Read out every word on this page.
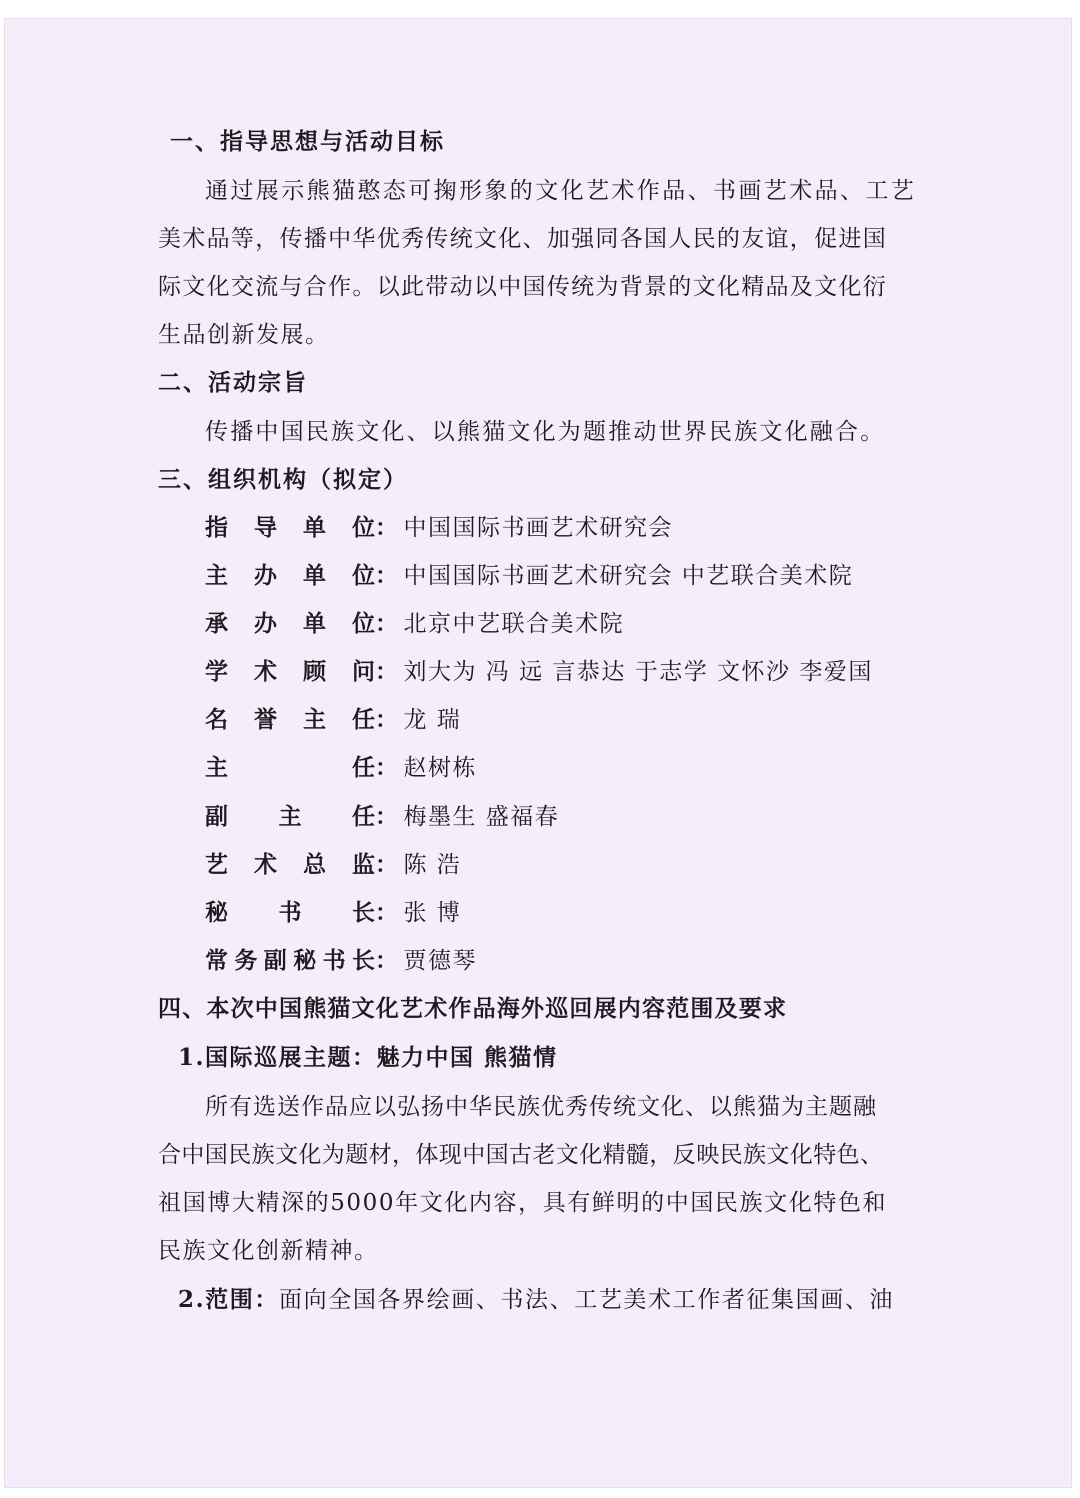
一、指导思想与活动目标
通过展示熊猫憨态可掬形象的文化艺术作品、书画艺术品、工艺
美术品等，传播中华优秀传统文化、加强同各国人民的友谊，促进国
际文化交流与合作。以此带动以中国传统为背景的文化精品及文化衍
生品创新发展。
二、活动宗旨
传播中国民族文化、以熊猫文化为题推动世界民族文化融合。
三、组织机构（拟定）
指导单位： 中国国际书画艺术研究会
主办单位： 中国国际书画艺术研究会 中艺联合美术院
承办单位： 北京中艺联合美术院
学术顾问： 刘大为 冯 远 言恭达 于志学 文怀沙 李爱国
名誉主任： 龙 瑞
主任： 赵树栋
副主任： 梅墨生 盛福春
艺术总监： 陈 浩
秘书长： 张 博
常务副秘书长： 贾德琴
四、本次中国熊猫文化艺术作品海外巡回展内容范围及要求
1.国际巡展主题：魅力中国 熊猫情
所有选送作品应以弘扬中华民族优秀传统文化、以熊猫为主题融
合中国民族文化为题材，体现中国古老文化精髓，反映民族文化特色、
祖国博大精深的5000年文化内容，具有鲜明的中国民族文化特色和
民族文化创新精神。
2.范围：面向全国各界绘画、书法、工艺美术工作者征集国画、油
